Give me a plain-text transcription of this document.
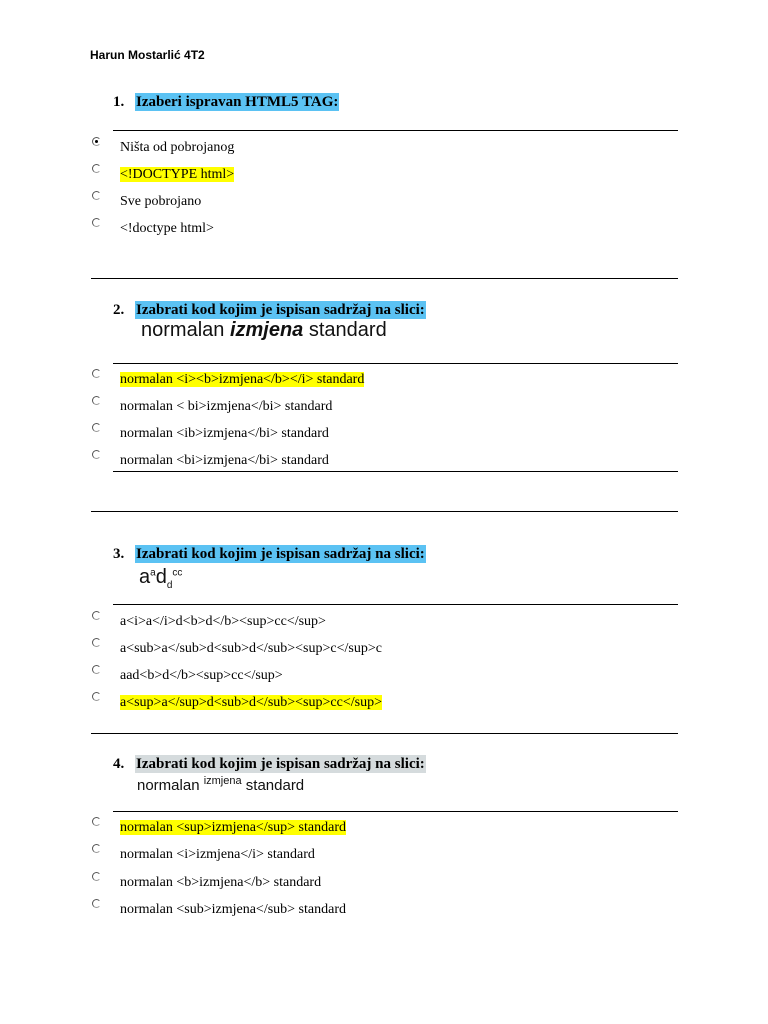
Harun Mostarlić 4T2
1. Izaberi ispravan HTML5 TAG:
Ništa od pobrojanog
<!DOCTYPE html>
Sve pobrojano
<!doctype html>
2. Izabrati kod kojim je ispisan sadržaj na slici:
normalan izmjena standard
normalan <i><b>izmjena</b></i> standard
normalan < bi>izmjena</bi> standard
normalan <ib>izmjena</bi> standard
normalan <bi>izmjena</bi> standard
3. Izabrati kod kojim je ispisan sadržaj na slici:
$a^ad_d^{cc}$
a<i>a</i>d<b>d</b><sup>cc</sup>
a<sub>a</sub>d<sub>d</sub><sup>c</sup>c
aad<b>d</b><sup>cc</sup>
a<sup>a</sup>d<sub>d</sub><sup>cc</sup>
4. Izabrati kod kojim je ispisan sadržaj na slici:
normalan $^{izmjena}$ standard
normalan <sup>izmjena</sup> standard
normalan <i>izmjena</i> standard
normalan <b>izmjena</b> standard
normalan <sub>izmjena</sub> standard
